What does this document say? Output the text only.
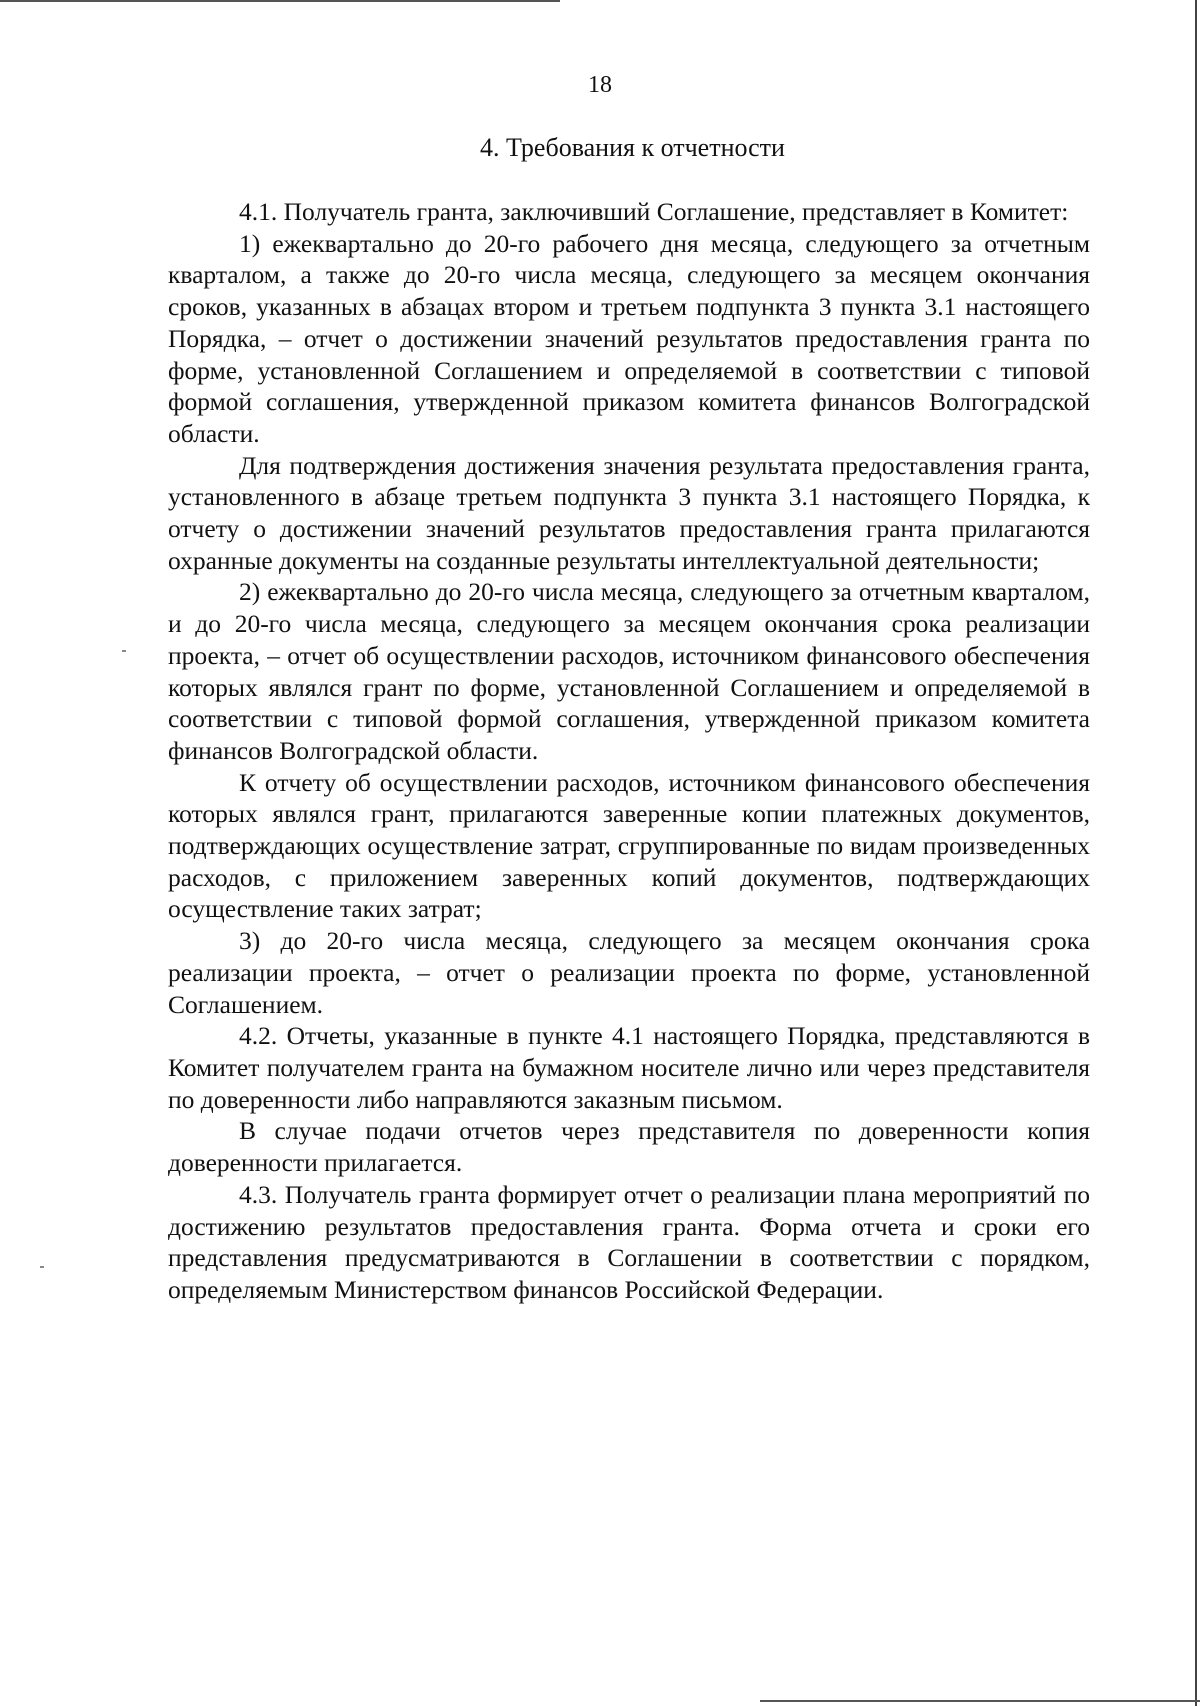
18
4. Требования к отчетности

4.1. Получатель гранта, заключивший Соглашение, представляет в Комитет:

1) ежеквартально до 20-го рабочего дня месяца, следующего за отчетным кварталом, а также до 20-го числа месяца, следующего за месяцем окончания сроков, указанных в абзацах втором и третьем подпункта 3 пункта 3.1 настоящего Порядка, – отчет о достижении значений результатов предоставления гранта по форме, установленной Соглашением и определяемой в соответствии с типовой формой соглашения, утвержденной приказом комитета финансов Волгоградской области.

Для подтверждения достижения значения результата предоставления гранта, установленного в абзаце третьем подпункта 3 пункта 3.1 настоящего Порядка, к отчету о достижении значений результатов предоставления гранта прилагаются охранные документы на созданные результаты интеллектуальной деятельности;

2) ежеквартально до 20-го числа месяца, следующего за отчетным кварталом, и до 20-го числа месяца, следующего за месяцем окончания срока реализации проекта, – отчет об осуществлении расходов, источником финансового обеспечения которых являлся грант по форме, установленной Соглашением и определяемой в соответствии с типовой формой соглашения, утвержденной приказом комитета финансов Волгоградской области.

К отчету об осуществлении расходов, источником финансового обеспечения которых являлся грант, прилагаются заверенные копии платежных документов, подтверждающих осуществление затрат, сгруппированные по видам произведенных расходов, с приложением заверенных копий документов, подтверждающих осуществление таких затрат;

3) до 20-го числа месяца, следующего за месяцем окончания срока реализации проекта, – отчет о реализации проекта по форме, установленной Соглашением.

4.2. Отчеты, указанные в пункте 4.1 настоящего Порядка, представляются в Комитет получателем гранта на бумажном носителе лично или через представителя по доверенности либо направляются заказным письмом.

В случае подачи отчетов через представителя по доверенности копия доверенности прилагается.

4.3. Получатель гранта формирует отчет о реализации плана мероприятий по достижению результатов предоставления гранта. Форма отчета и сроки его представления предусматриваются в Соглашении в соответствии с порядком, определяемым Министерством финансов Российской Федерации.
